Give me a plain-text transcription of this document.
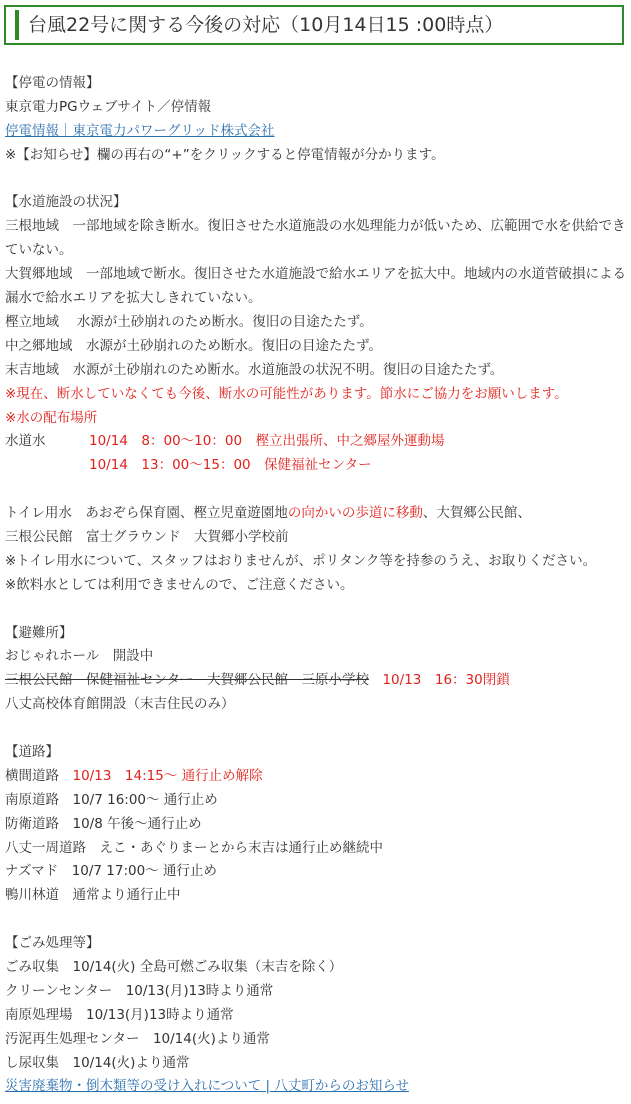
台風22号に関する今後の対応（10月14日15 :00時点）
【停電の情報】
東京電力PGウェブサイト／停情報
停電情報｜東京電力パワーグリッド株式会社
※【お知らせ】欄の再右の“+”をクリックすると停電情報が分かります。
【水道施設の状況】
三根地域　一部地域を除き断水。復旧させた水道施設の水処理能力が低いため、広範囲で水を供給できていない。
大賀郷地域　一部地域で断水。復旧させた水道施設で給水エリアを拡大中。地域内の水道菅破損による漏水で給水エリアを拡大しきれていない。
樫立地域　 水源が土砂崩れのため断水。復旧の目途たたず。
中之郷地域　水源が土砂崩れのため断水。復旧の目途たたず。
末吉地域　水源が土砂崩れのため断水。水道施設の状況不明。復旧の目途たたず。
※現在、断水していなくても今後、断水の可能性があります。節水にご協力をお願いします。
※水の配布場所
水道水	10/14　8：00〜10：00　樫立出張所、中之郷屋外運動場
10/14　13：00〜15：00　保健福祉センター
トイレ用水　あおぞら保育園、樫立児童遊園地の向かいの歩道に移動、大賀郷公民館、
三根公民館　富士グラウンド　大賀郷小学校前
※トイレ用水について、スタッフはおりませんが、ポリタンク等を持参のうえ、お取りください。
※飲料水としては利用できませんので、ご注意ください。
【避難所】
おじゃれホール　開設中
三根公民館　保健福祉センター　大賀郷公民館　三原小学校　 10/13　16：30閉鎖
八丈高校体育館開設（末吉住民のみ）
【道路】
横間道路　 10/13　14:15〜 通行止め解除
南原道路　10/7 16:00〜 通行止め
防衛道路　10/8 午後〜通行止め
八丈一周道路　えこ・あぐりまーとから末吉は通行止め継続中
ナズマド　10/7 17:00〜 通行止め
鴨川林道　通常より通行止中
【ごみ処理等】
ごみ収集　10/14(火) 全島可燃ごみ収集（末吉を除く）
クリーンセンター　10/13(月)13時より通常
南原処理場　10/13(月)13時より通常
汚泥再生処理センター　10/14(火)より通常
し尿収集　10/14(火)より通常
災害廃棄物・倒木類等の受け入れについて | 八丈町からのお知らせ
